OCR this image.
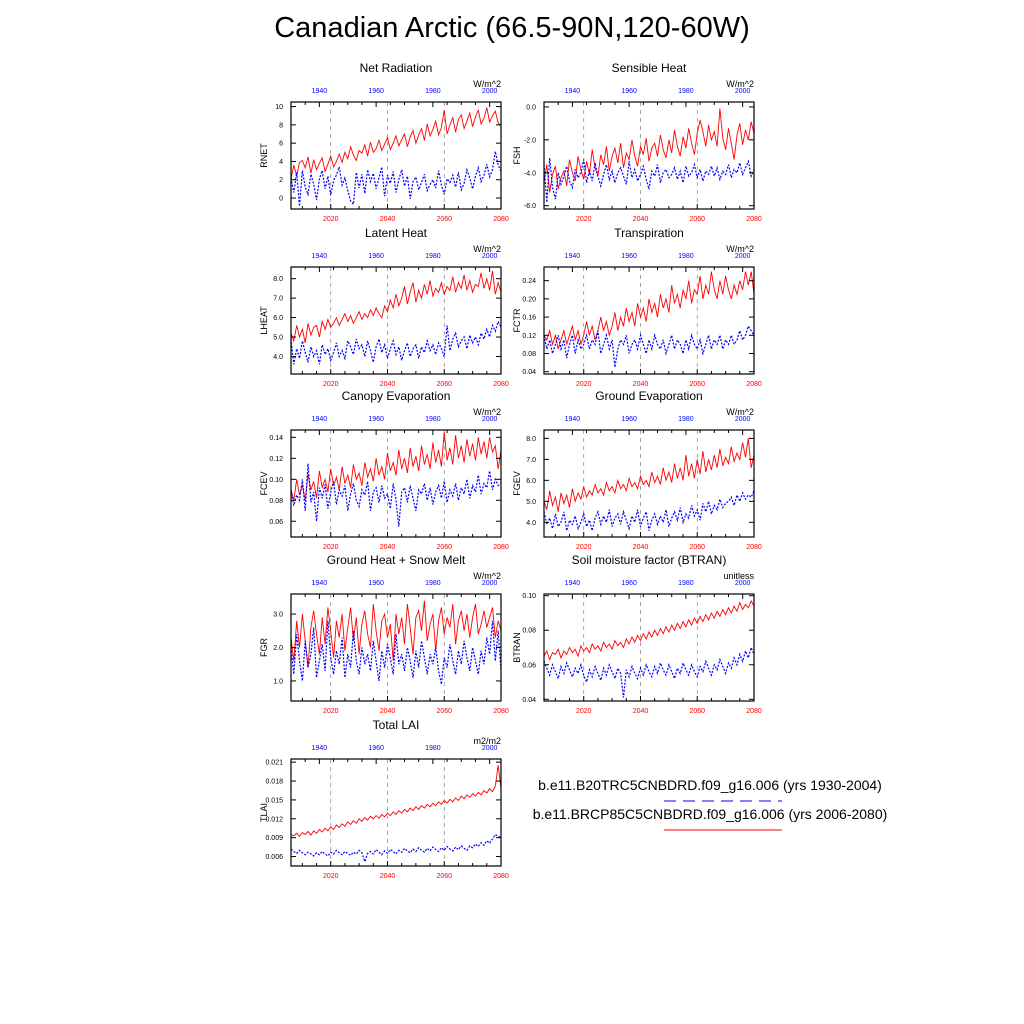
Canadian Arctic (66.5-90N,120-60W)
Net Radiation
W/m^2
RNET
0
2
4
6
8
10
2020	2040	2060	2080
1940	1960	1980	2000
Sensible Heat
W/m^2
FSH
-6.0
-4.0
-2.0
0.0
2020	2040	2060	2080
1940	1960	1980	2000
Latent Heat
W/m^2
LHEAT
4.0
5.0
6.0
7.0
8.0
2020	2040	2060	2080
1940	1960	1980	2000
Transpiration
W/m^2
FCTR
0.04
0.08
0.12
0.16
0.20
0.24
2020	2040	2060	2080
1940	1960	1980	2000
Canopy Evaporation
W/m^2
FCEV
0.06
0.08
0.10
0.12
0.14
2020	2040	2060	2080
1940	1960	1980	2000
Ground Evaporation
W/m^2
FGEV
4.0
5.0
6.0
7.0
8.0
2020	2040	2060	2080
1940	1960	1980	2000
Ground Heat + Snow Melt
W/m^2
FGR
1.0
2.0
3.0
2020	2040	2060	2080
1940	1960	1980	2000
Soil moisture factor (BTRAN)
unitless
BTRAN
0.04
0.06
0.08
0.10
2020	2040	2060	2080
1940	1960	1980	2000
Total LAI
m2/m2
TLAI
0.006
0.009
0.012
0.015
0.018
0.021
2020	2040	2060	2080
1940	1960	1980	2000
b.e11.B20TRC5CNBDRD.f09_g16.006 (yrs 1930-2004)
b.e11.BRCP85C5CNBDRD.f09_g16.006 (yrs 2006-2080)
